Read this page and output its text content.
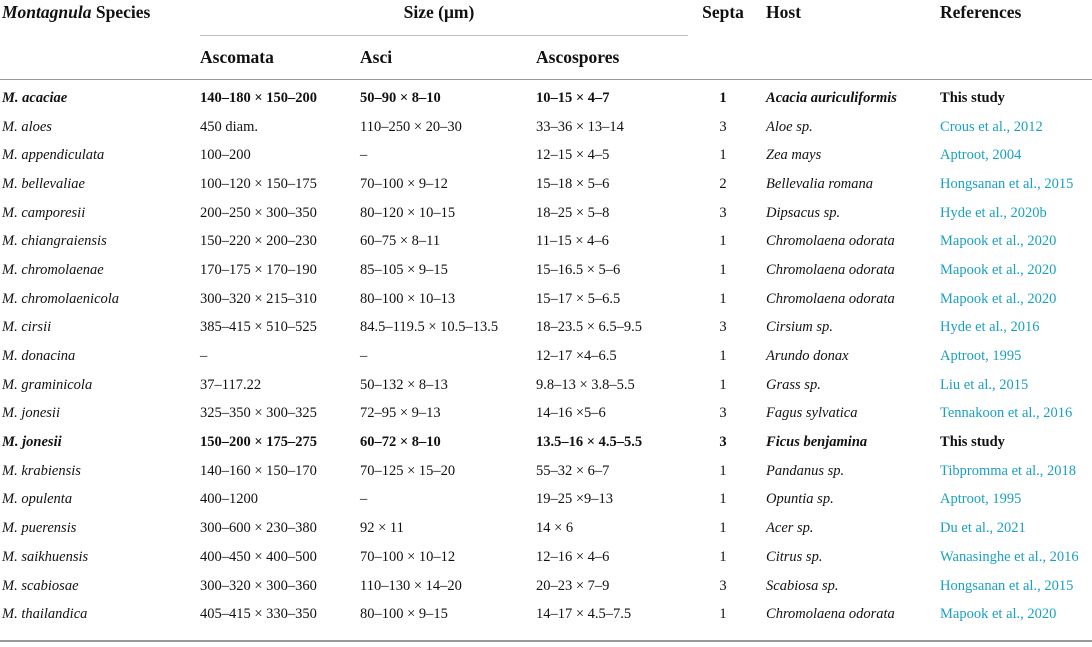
Montagnula Species	Size (μm)			Septa	Host	References
	Ascomata	Asci	Ascospores			
M. acaciae	140–180 × 150–200	50–90 × 8–10	10–15 × 4–7	1	Acacia auriculiformis	This study
M. aloes	450 diam.	110–250 × 20–30	33–36 × 13–14	3	Aloe sp.	Crous et al., 2012
M. appendiculata	100–200	–	12–15 × 4–5	1	Zea mays	Aptroot, 2004
M. bellevaliae	100–120 × 150–175	70–100 × 9–12	15–18 × 5–6	2	Bellevalia romana	Hongsanan et al., 2015
M. camporesii	200–250 × 300–350	80–120 × 10–15	18–25 × 5–8	3	Dipsacus sp.	Hyde et al., 2020b
M. chiangraiensis	150–220 × 200–230	60–75 × 8–11	11–15 × 4–6	1	Chromolaena odorata	Mapook et al., 2020
M. chromolaenae	170–175 × 170–190	85–105 × 9–15	15–16.5 × 5–6	1	Chromolaena odorata	Mapook et al., 2020
M. chromolaenicola	300–320 × 215–310	80–100 × 10–13	15–17 × 5–6.5	1	Chromolaena odorata	Mapook et al., 2020
M. cirsii	385–415 × 510–525	84.5–119.5 × 10.5–13.5	18–23.5 × 6.5–9.5	3	Cirsium sp.	Hyde et al., 2016
M. donacina	–	–	12–17 ×4–6.5	1	Arundo donax	Aptroot, 1995
M. graminicola	37–117.22	50–132 × 8–13	9.8–13 × 3.8–5.5	1	Grass sp.	Liu et al., 2015
M. jonesii	325–350 × 300–325	72–95 × 9–13	14–16 ×5–6	3	Fagus sylvatica	Tennakoon et al., 2016
M. jonesii	150–200 × 175–275	60–72 × 8–10	13.5–16 × 4.5–5.5	3	Ficus benjamina	This study
M. krabiensis	140–160 × 150–170	70–125 × 15–20	55–32 × 6–7	1	Pandanus sp.	Tibpromma et al., 2018
M. opulenta	400–1200	–	19–25 ×9–13	1	Opuntia sp.	Aptroot, 1995
M. puerensis	300–600 × 230–380	92 × 11	14 × 6	1	Acer sp.	Du et al., 2021
M. saikhuensis	400–450 × 400–500	70–100 × 10–12	12–16 × 4–6	1	Citrus sp.	Wanasinghe et al., 2016
M. scabiosae	300–320 × 300–360	110–130 × 14–20	20–23 × 7–9	3	Scabiosa sp.	Hongsanan et al., 2015
M. thailandica	405–415 × 330–350	80–100 × 9–15	14–17 × 4.5–7.5	1	Chromolaena odorata	Mapook et al., 2020
